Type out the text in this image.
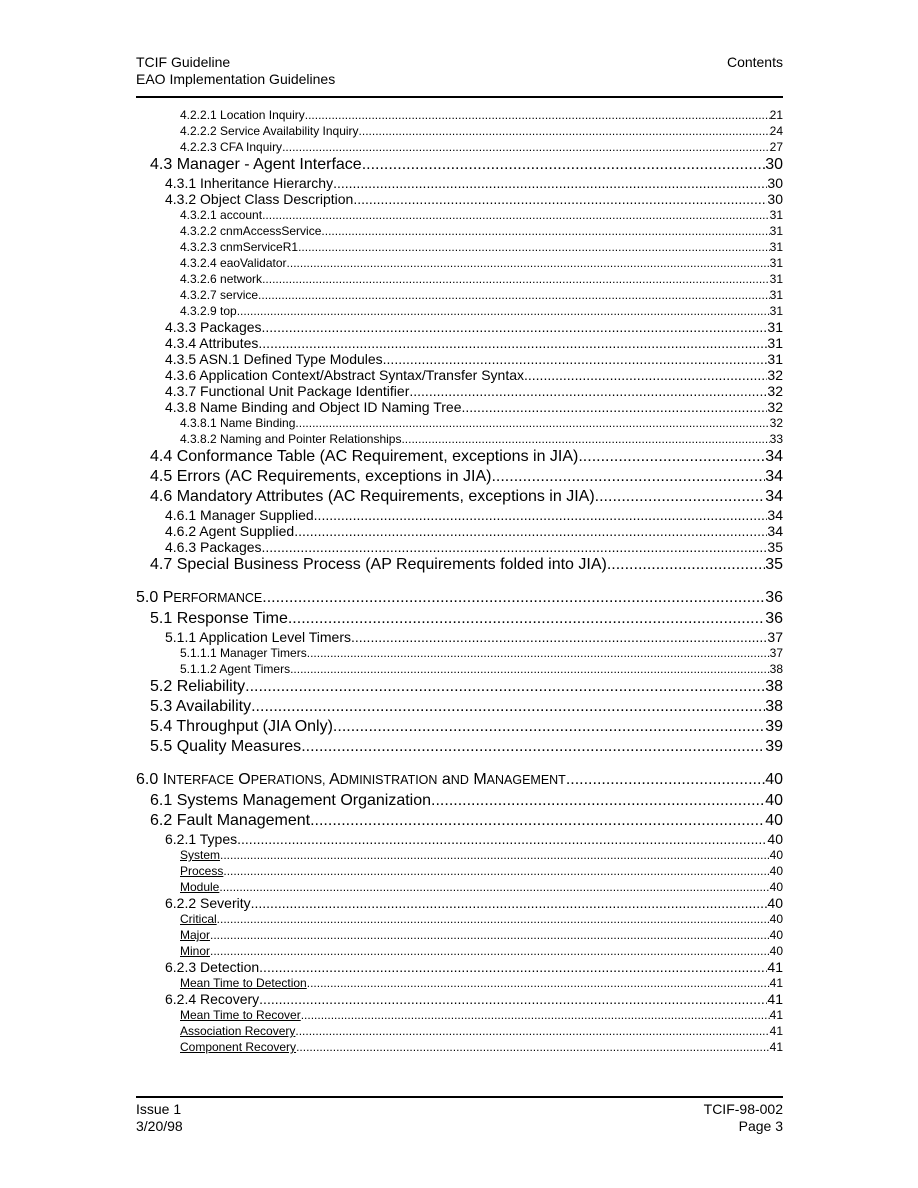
TCIF Guideline
EAO Implementation Guidelines
Contents
4.2.2.1 Location Inquiry .....	21
4.2.2.2 Service Availability Inquiry .....	24
4.2.2.3 CFA Inquiry .....	27
4.3 Manager - Agent Interface .....	30
4.3.1 Inheritance Hierarchy .....	30
4.3.2 Object Class Description .....	30
4.3.2.1 account .....	31
4.3.2.2 cnmAccessService .....	31
4.3.2.3 cnmServiceR1 .....	31
4.3.2.4 eaoValidator .....	31
4.3.2.6 network .....	31
4.3.2.7 service .....	31
4.3.2.9 top .....	31
4.3.3 Packages .....	31
4.3.4 Attributes .....	31
4.3.5 ASN.1 Defined Type Modules .....	31
4.3.6 Application Context/Abstract Syntax/Transfer Syntax .....	32
4.3.7 Functional Unit Package Identifier .....	32
4.3.8 Name Binding and Object ID Naming Tree .....	32
4.3.8.1 Name Binding .....	32
4.3.8.2 Naming and Pointer Relationships .....	33
4.4 Conformance Table (AC Requirement, exceptions in JIA) .....	34
4.5 Errors (AC Requirements, exceptions in JIA) .....	34
4.6 Mandatory Attributes (AC Requirements, exceptions in JIA) .....	34
4.6.1 Manager Supplied .....	34
4.6.2 Agent Supplied .....	34
4.6.3 Packages .....	35
4.7 Special Business Process (AP Requirements folded into JIA) .....	35
5.0 PERFORMANCE .....	36
5.1 Response Time .....	36
5.1.1 Application Level Timers .....	37
5.1.1.1 Manager Timers .....	37
5.1.1.2 Agent Timers .....	38
5.2 Reliability .....	38
5.3 Availability .....	38
5.4 Throughput (JIA Only) .....	39
5.5 Quality Measures .....	39
6.0 INTERFACE OPERATIONS, ADMINISTRATION aND MANAGEMENT .....	40
6.1 Systems Management Organization .....	40
6.2 Fault Management .....	40
6.2.1 Types .....	40
System .....	40
Process .....	40
Module .....	40
6.2.2 Severity .....	40
Critical .....	40
Major .....	40
Minor .....	40
6.2.3 Detection .....	41
Mean Time to Detection .....	41
6.2.4 Recovery .....	41
Mean Time to Recover .....	41
Association Recovery .....	41
Component Recovery .....	41
Issue 1
3/20/98
TCIF-98-002
Page 3
